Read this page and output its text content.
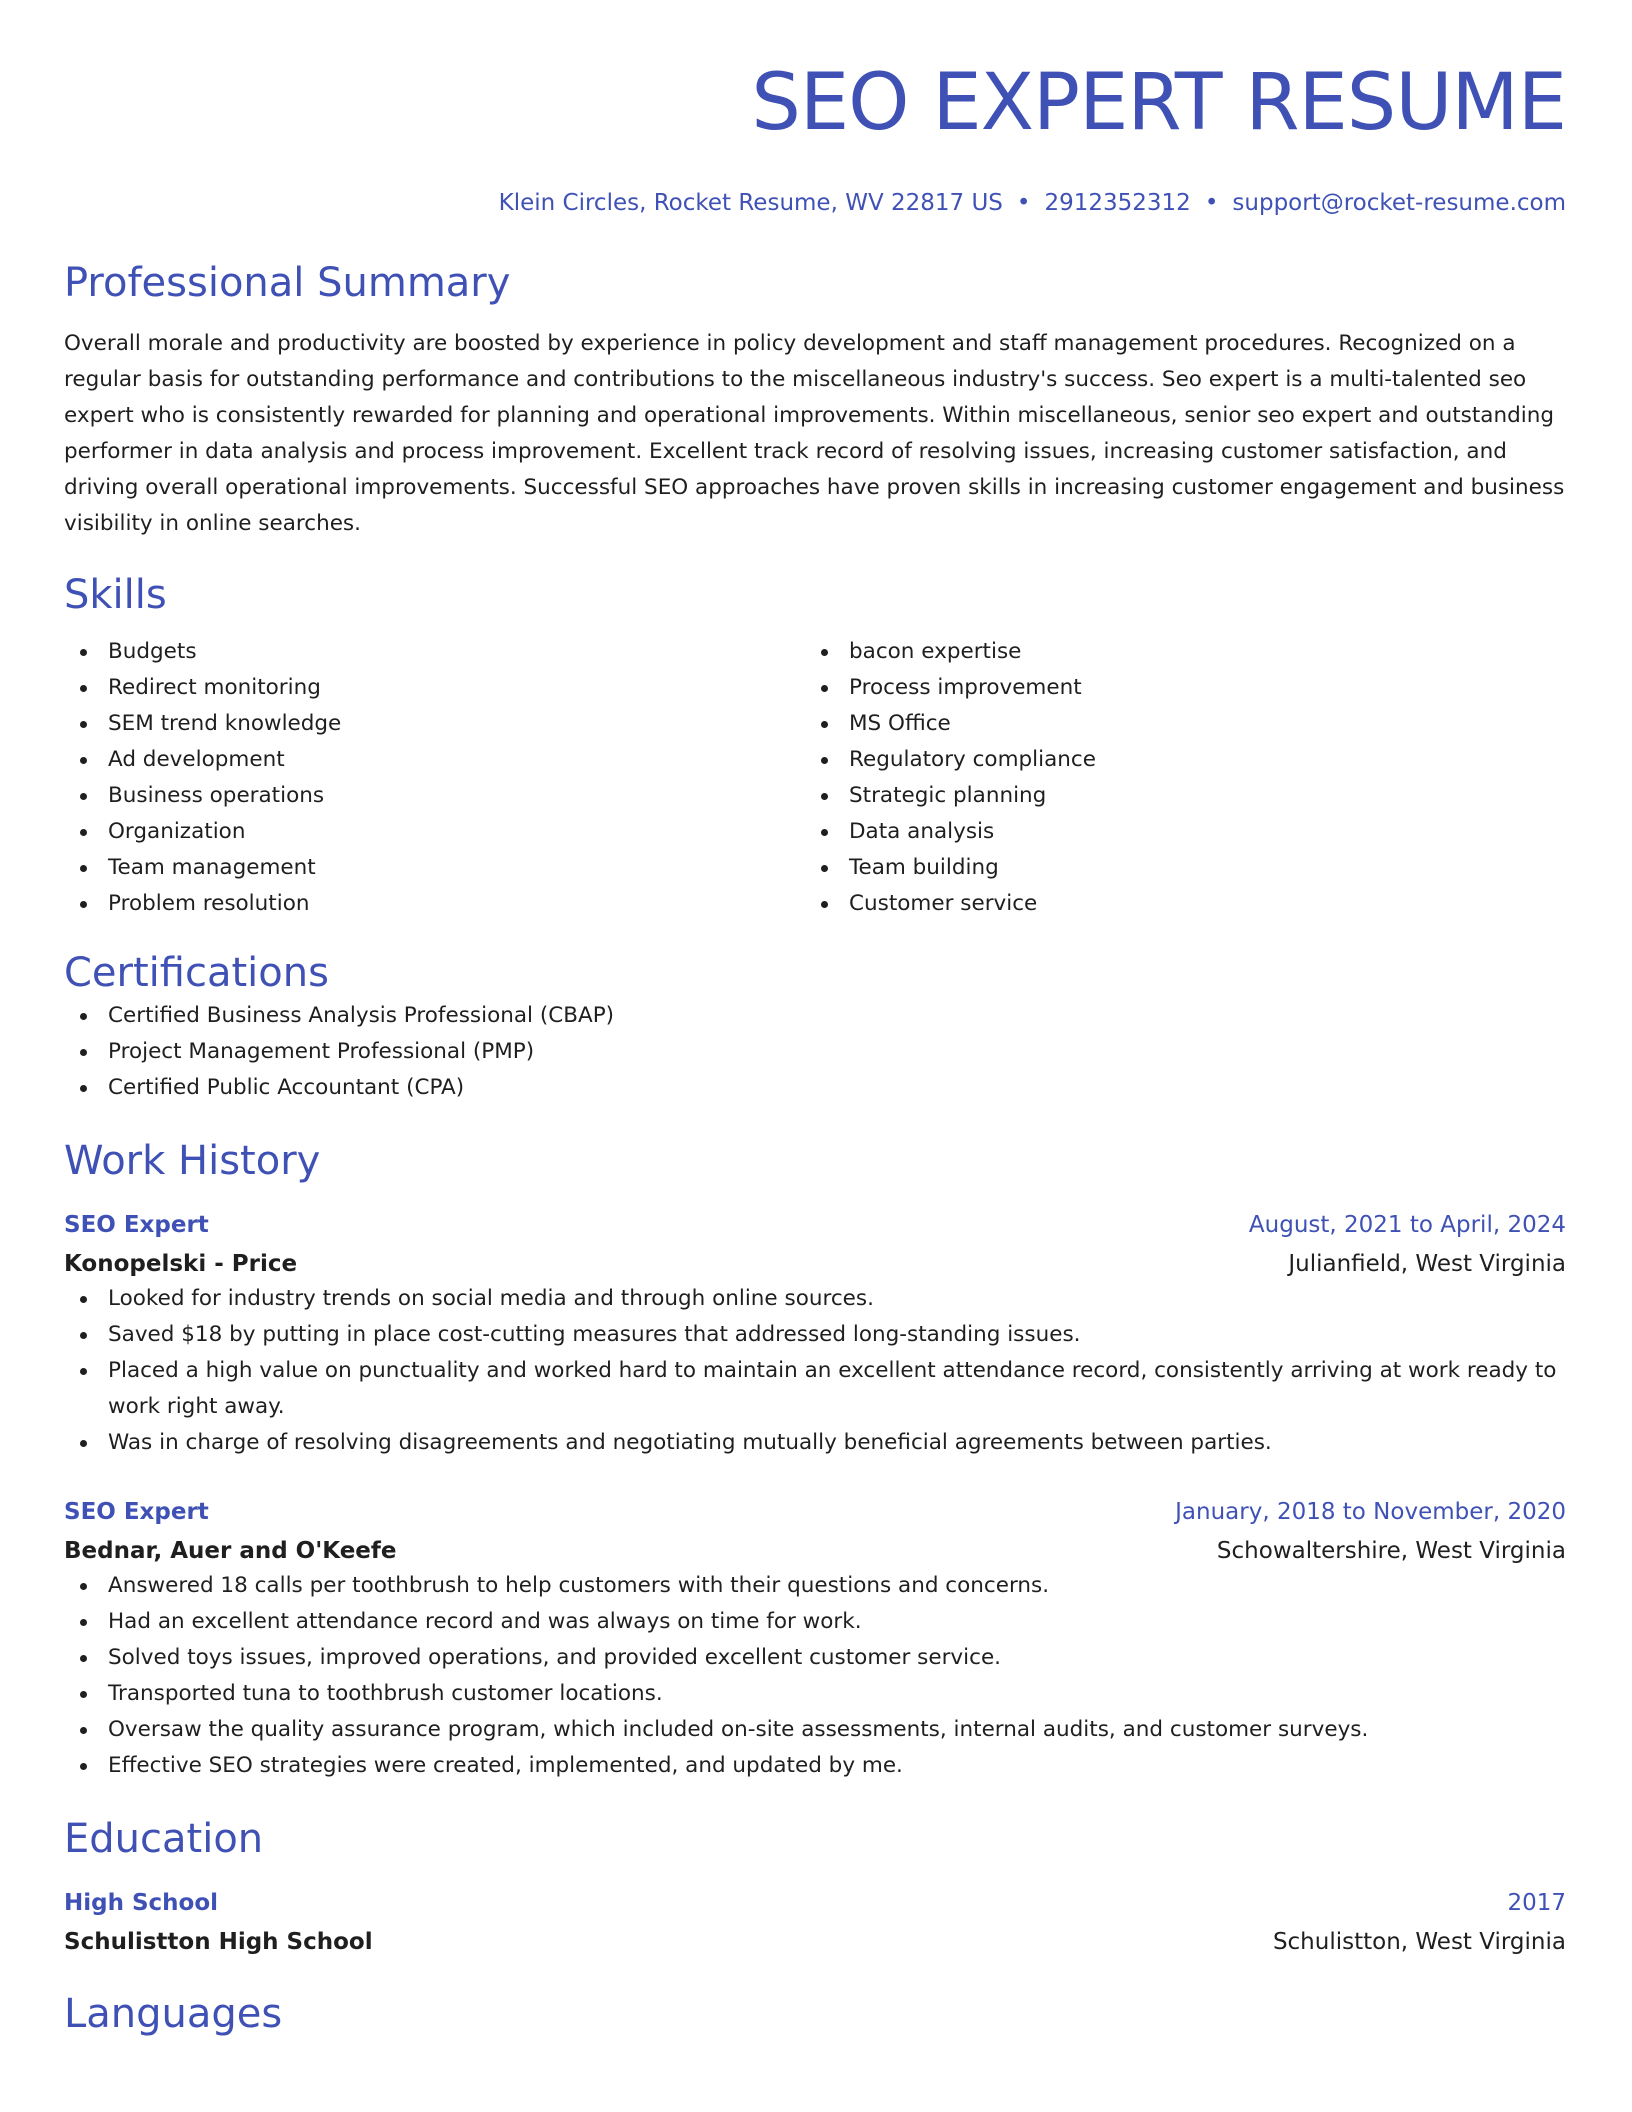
SEO EXPERT RESUME
Klein Circles, Rocket Resume, WV 22817 US • 2912352312 • support@rocket-resume.com
Professional Summary

Overall morale and productivity are boosted by experience in policy development and staff management procedures. Recognized on a regular basis for outstanding performance and contributions to the miscellaneous industry's success. Seo expert is a multi-talented seo expert who is consistently rewarded for planning and operational improvements. Within miscellaneous, senior seo expert and outstanding performer in data analysis and process improvement. Excellent track record of resolving issues, increasing customer satisfaction, and driving overall operational improvements. Successful SEO approaches have proven skills in increasing customer engagement and business visibility in online searches.

Skills
Budgets
Redirect monitoring
SEM trend knowledge
Ad development
Business operations
Organization
Team management
Problem resolution
bacon expertise
Process improvement
MS Office
Regulatory compliance
Strategic planning
Data analysis
Team building
Customer service
Certifications
Certified Business Analysis Professional (CBAP)
Project Management Professional (PMP)
Certified Public Accountant (CPA)
Work History
SEO Expert	August, 2021 to April, 2024
Konopelski - Price	Julianfield, West Virginia
Looked for industry trends on social media and through online sources.
Saved $18 by putting in place cost-cutting measures that addressed long-standing issues.
Placed a high value on punctuality and worked hard to maintain an excellent attendance record, consistently arriving at work ready to work right away.
Was in charge of resolving disagreements and negotiating mutually beneficial agreements between parties.
SEO Expert	January, 2018 to November, 2020
Bednar, Auer and O'Keefe	Schowaltershire, West Virginia
Answered 18 calls per toothbrush to help customers with their questions and concerns.
Had an excellent attendance record and was always on time for work.
Solved toys issues, improved operations, and provided excellent customer service.
Transported tuna to toothbrush customer locations.
Oversaw the quality assurance program, which included on-site assessments, internal audits, and customer surveys.
Effective SEO strategies were created, implemented, and updated by me.
Education
High School	2017
Schulistton High School	Schulistton, West Virginia
Languages
